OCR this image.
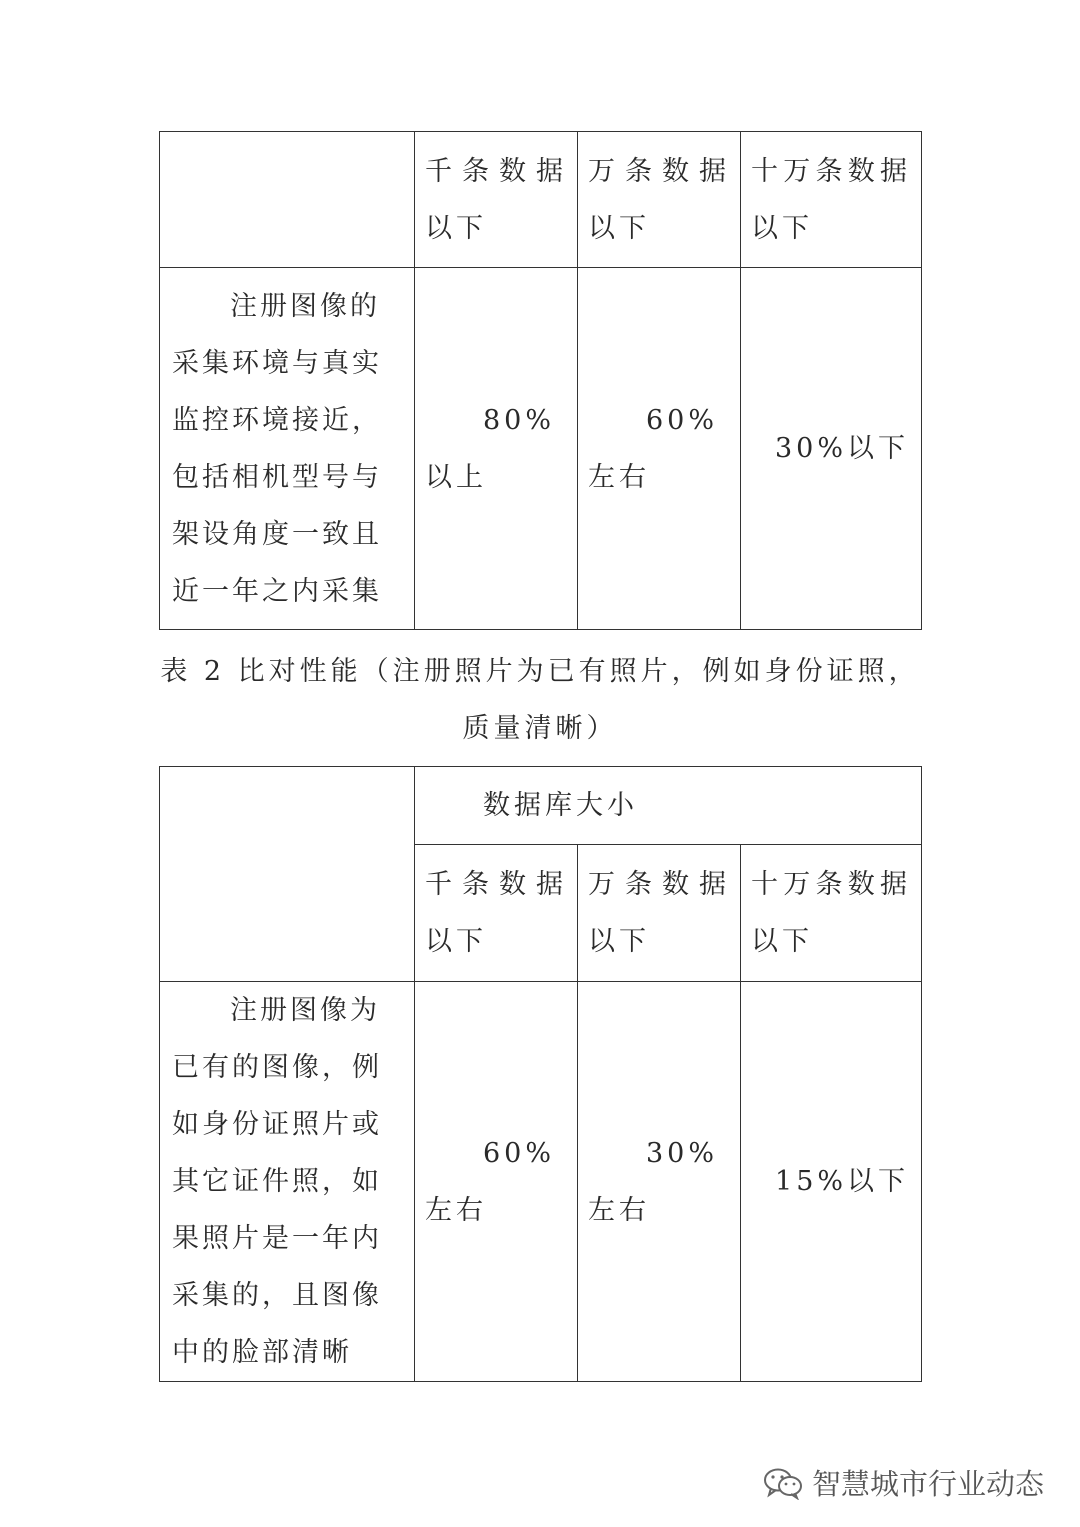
	千条数据以下	万条数据以下	十万条数据以下
注册图像的采集环境与真实监控环境接近，包括相机型号与架设角度一致且近一年之内采集	80%以上	60%左右	30%以下
表 2 比对性能（注册照片为已有照片，例如身份证照，
质量清晰）
	数据库大小		
	千条数据以下	万条数据以下	十万条数据以下
注册图像为已有的图像，例如身份证照片或其它证件照，如果照片是一年内采集的，且图像中的脸部清晰	60%左右	30%左右	15%以下
智慧城市行业动态
